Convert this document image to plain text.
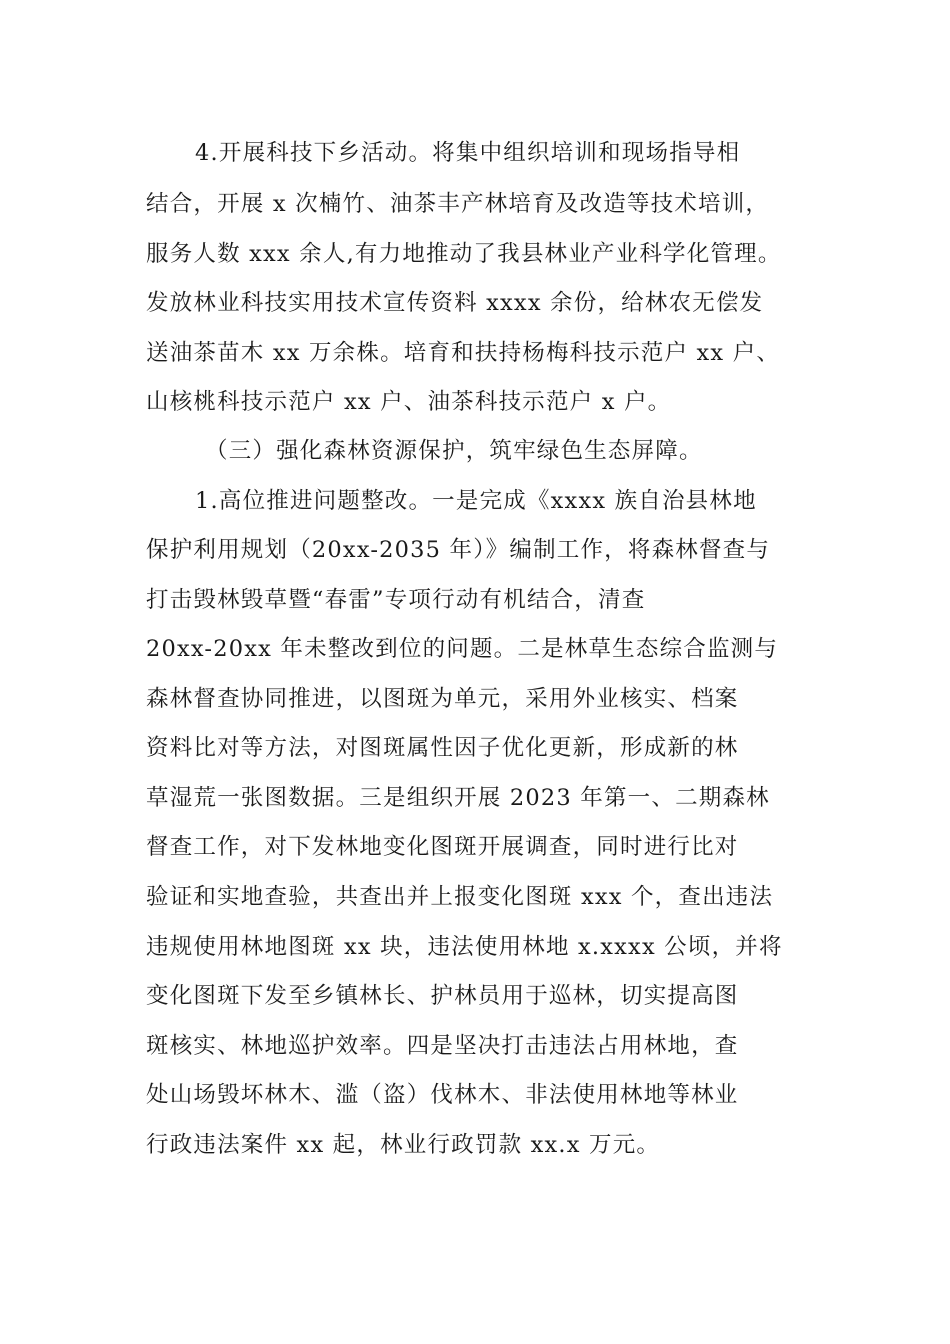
4.开展科技下乡活动。将集中组织培训和现场指导相
结合，开展 x 次楠竹、油茶丰产林培育及改造等技术培训，
服务人数 xxx 余人,有力地推动了我县林业产业科学化管理。
发放林业科技实用技术宣传资料 xxxx 余份，给林农无偿发
送油茶苗木 xx 万余株。培育和扶持杨梅科技示范户 xx 户、
山核桃科技示范户 xx 户、油茶科技示范户 x 户。
（三）强化森林资源保护，筑牢绿色生态屏障。
1.高位推进问题整改。一是完成《xxxx 族自治县林地
保护利用规划（20xx-2035 年）》编制工作，将森林督查与
打击毁林毁草暨“春雷”专项行动有机结合，清查
20xx-20xx 年未整改到位的问题。二是林草生态综合监测与
森林督查协同推进，以图斑为单元，采用外业核实、档案
资料比对等方法，对图斑属性因子优化更新，形成新的林
草湿荒一张图数据。三是组织开展 2023 年第一、二期森林
督查工作，对下发林地变化图斑开展调查，同时进行比对
验证和实地查验，共查出并上报变化图斑 xxx 个，查出违法
违规使用林地图斑 xx 块，违法使用林地 x.xxxx 公顷，并将
变化图斑下发至乡镇林长、护林员用于巡林，切实提高图
斑核实、林地巡护效率。四是坚决打击违法占用林地，查
处山场毁坏林木、滥（盗）伐林木、非法使用林地等林业
行政违法案件 xx 起，林业行政罚款 xx.x 万元。
